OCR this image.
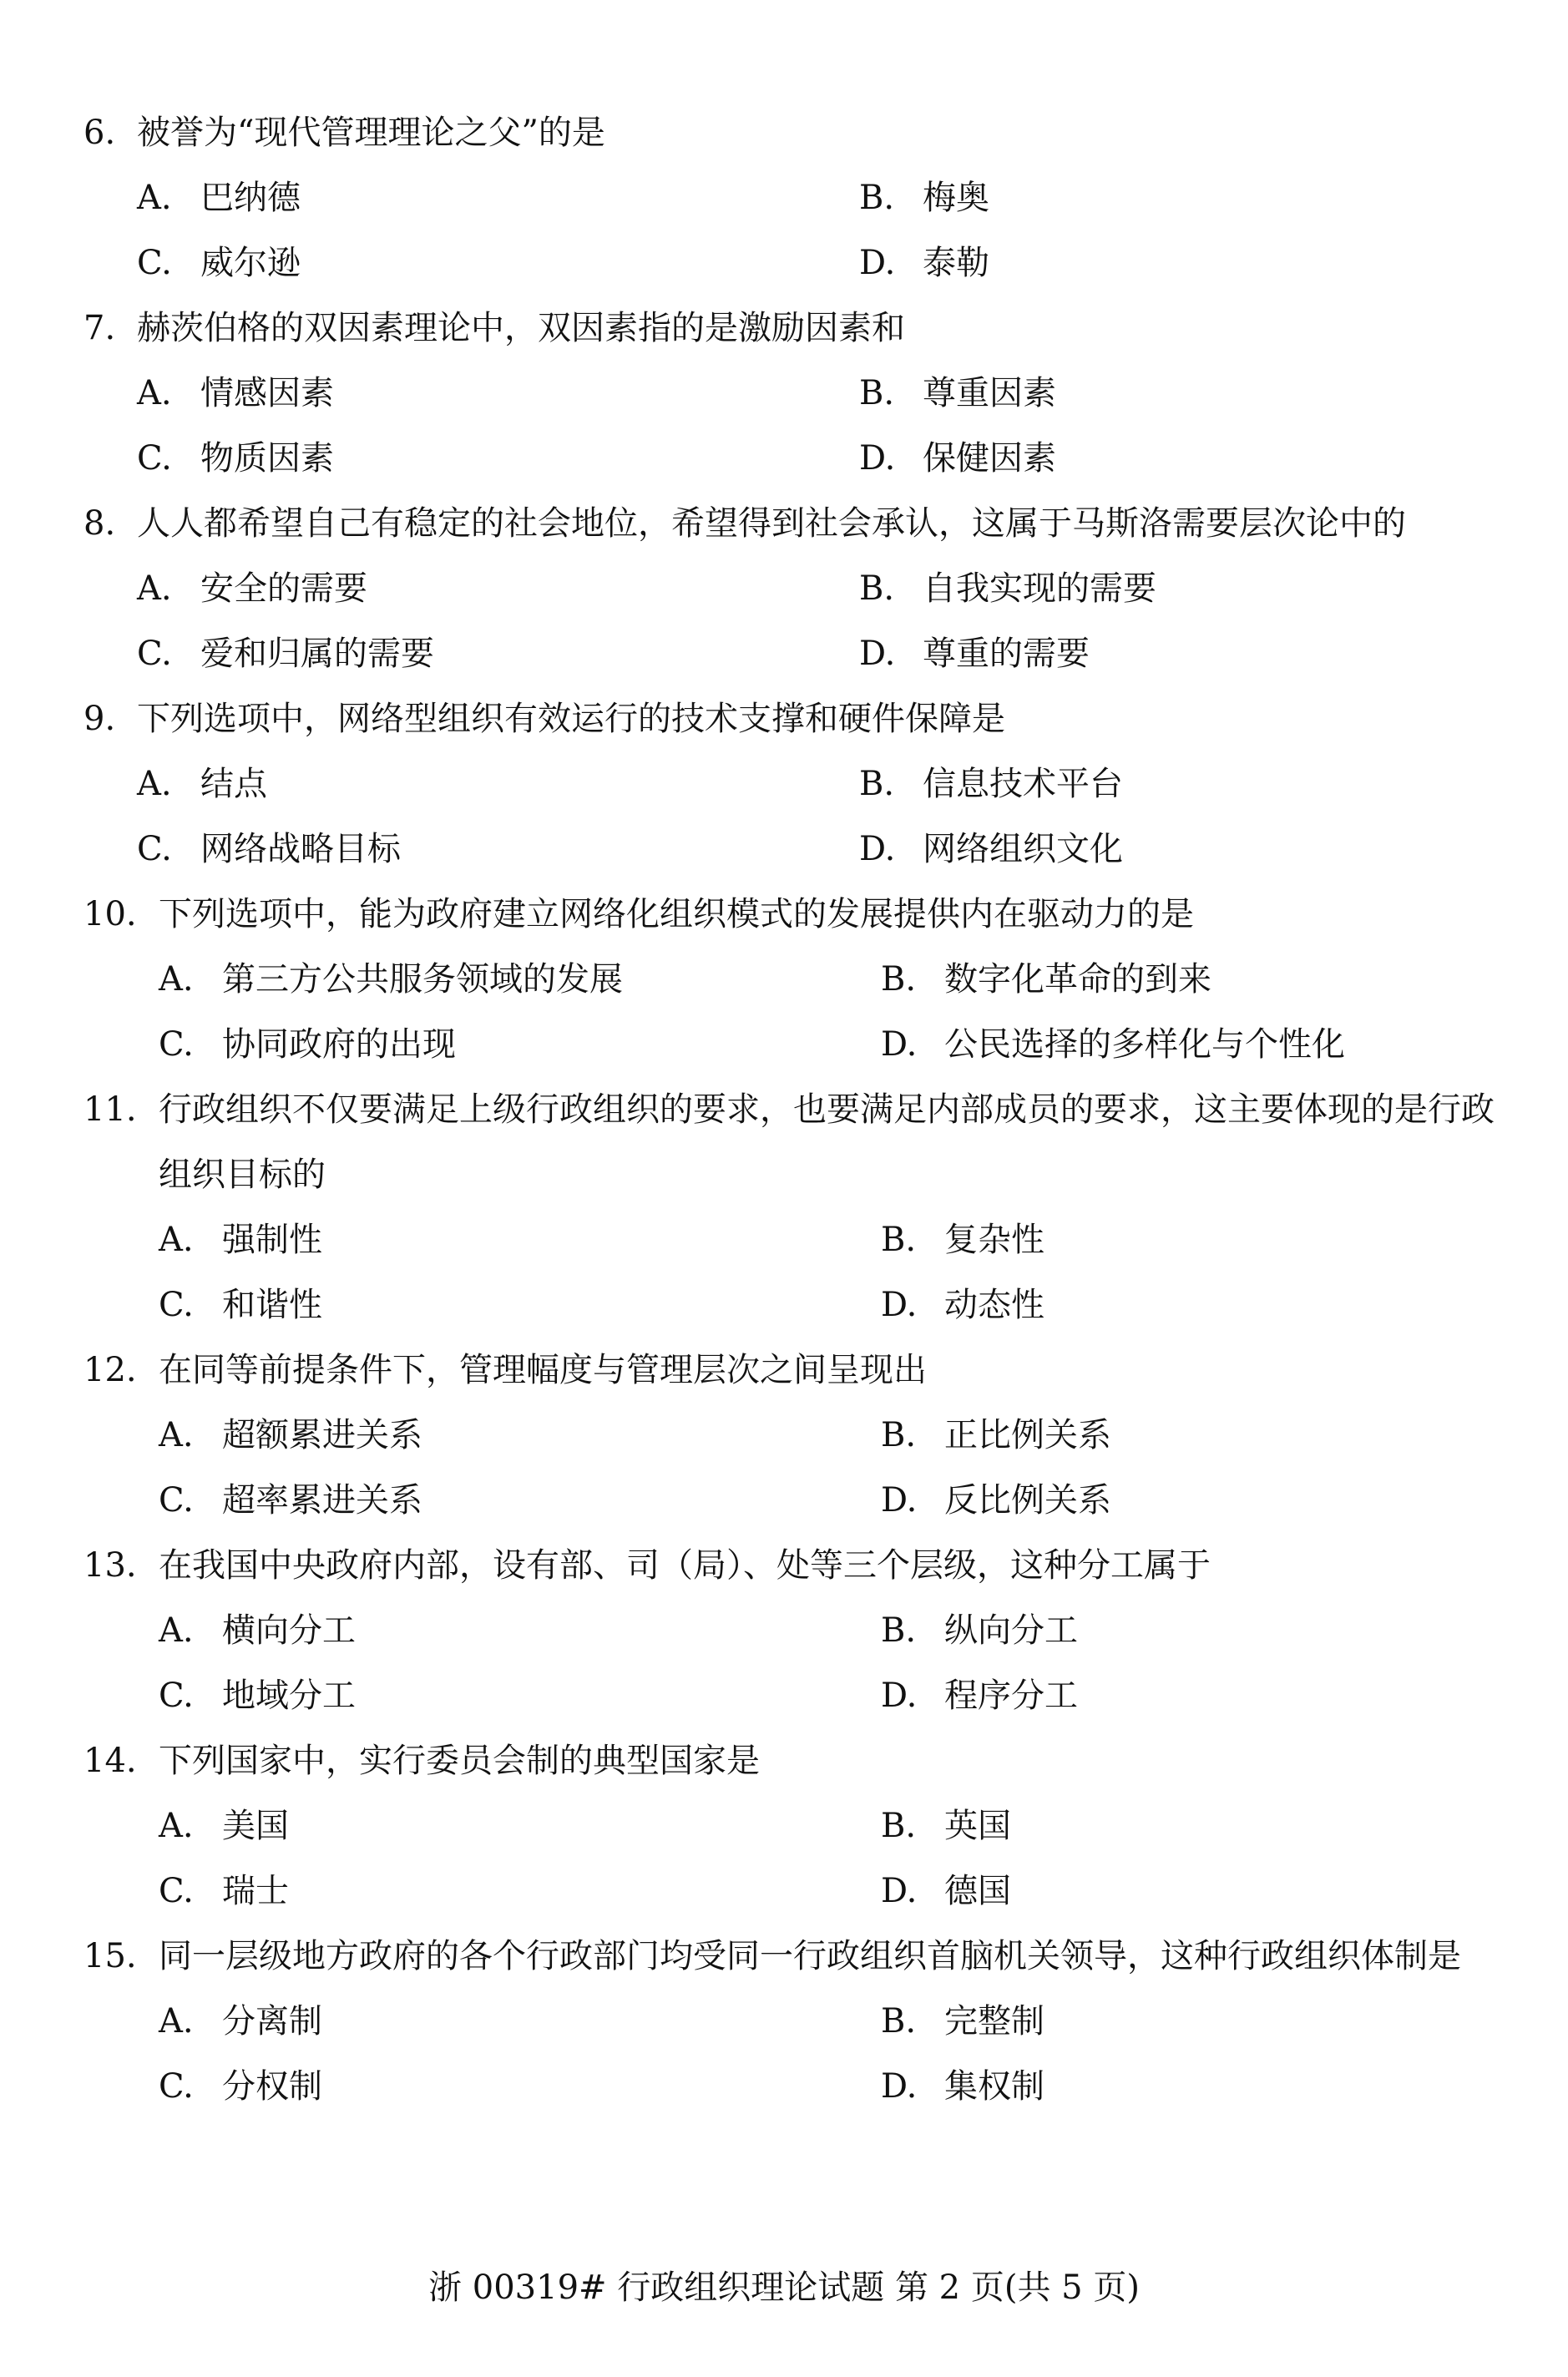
6. 被誉为“现代管理理论之父”的是
A. 巴纳德	B. 梅奥
C. 威尔逊	D. 泰勒
7. 赫茨伯格的双因素理论中，双因素指的是激励因素和
A. 情感因素	B. 尊重因素
C. 物质因素	D. 保健因素
8. 人人都希望自己有稳定的社会地位，希望得到社会承认，这属于马斯洛需要层次论中的
A. 安全的需要	B. 自我实现的需要
C. 爱和归属的需要	D. 尊重的需要
9. 下列选项中，网络型组织有效运行的技术支撑和硬件保障是
A. 结点	B. 信息技术平台
C. 网络战略目标	D. 网络组织文化
10. 下列选项中，能为政府建立网络化组织模式的发展提供内在驱动力的是
A. 第三方公共服务领域的发展	B. 数字化革命的到来
C. 协同政府的出现	D. 公民选择的多样化与个性化
11. 行政组织不仅要满足上级行政组织的要求，也要满足内部成员的要求，这主要体现的是行政组织目标的
A. 强制性	B. 复杂性
C. 和谐性	D. 动态性
12. 在同等前提条件下，管理幅度与管理层次之间呈现出
A. 超额累进关系	B. 正比例关系
C. 超率累进关系	D. 反比例关系
13. 在我国中央政府内部，设有部、司（局）、处等三个层级，这种分工属于
A. 横向分工	B. 纵向分工
C. 地域分工	D. 程序分工
14. 下列国家中，实行委员会制的典型国家是
A. 美国	B. 英国
C. 瑞士	D. 德国
15. 同一层级地方政府的各个行政部门均受同一行政组织首脑机关领导，这种行政组织体制是
A. 分离制	B. 完整制
C. 分权制	D. 集权制
浙 00319# 行政组织理论试题 第 2 页(共 5 页)
